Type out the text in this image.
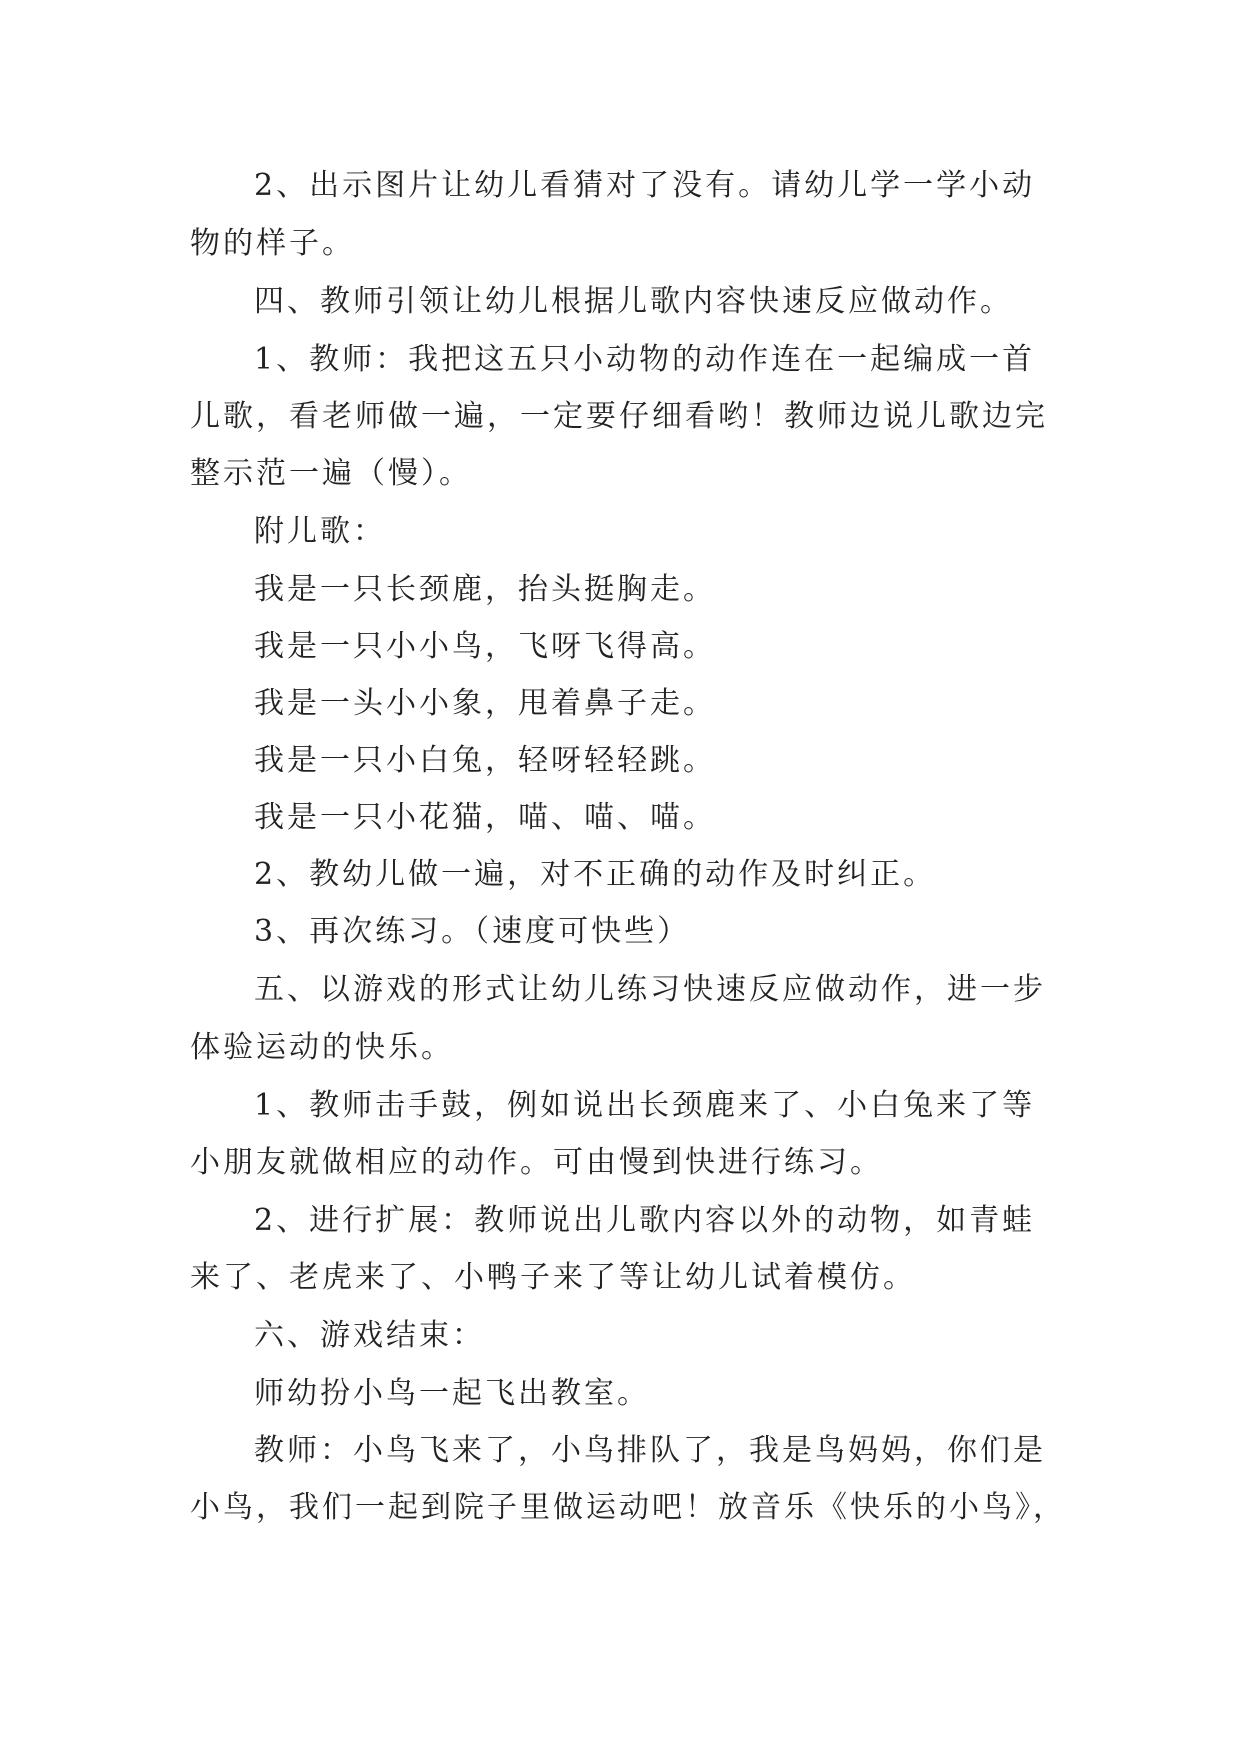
2、出示图片让幼儿看猜对了没有。请幼儿学一学小动
物的样子。
四、教师引领让幼儿根据儿歌内容快速反应做动作。
1、教师：我把这五只小动物的动作连在一起编成一首
儿歌，看老师做一遍，一定要仔细看哟！教师边说儿歌边完
整示范一遍（慢）。
附儿歌：
我是一只长颈鹿，抬头挺胸走。
我是一只小小鸟，飞呀飞得高。
我是一头小小象，甩着鼻子走。
我是一只小白兔，轻呀轻轻跳。
我是一只小花猫，喵、喵、喵。
2、教幼儿做一遍，对不正确的动作及时纠正。
3、再次练习。（速度可快些）
五、以游戏的形式让幼儿练习快速反应做动作，进一步
体验运动的快乐。
1、教师击手鼓，例如说出长颈鹿来了、小白兔来了等
小朋友就做相应的动作。可由慢到快进行练习。
2、进行扩展：教师说出儿歌内容以外的动物，如青蛙
来了、老虎来了、小鸭子来了等让幼儿试着模仿。
六、游戏结束：
师幼扮小鸟一起飞出教室。
教师：小鸟飞来了，小鸟排队了，我是鸟妈妈，你们是
小鸟，我们一起到院子里做运动吧！放音乐《快乐的小鸟》，
